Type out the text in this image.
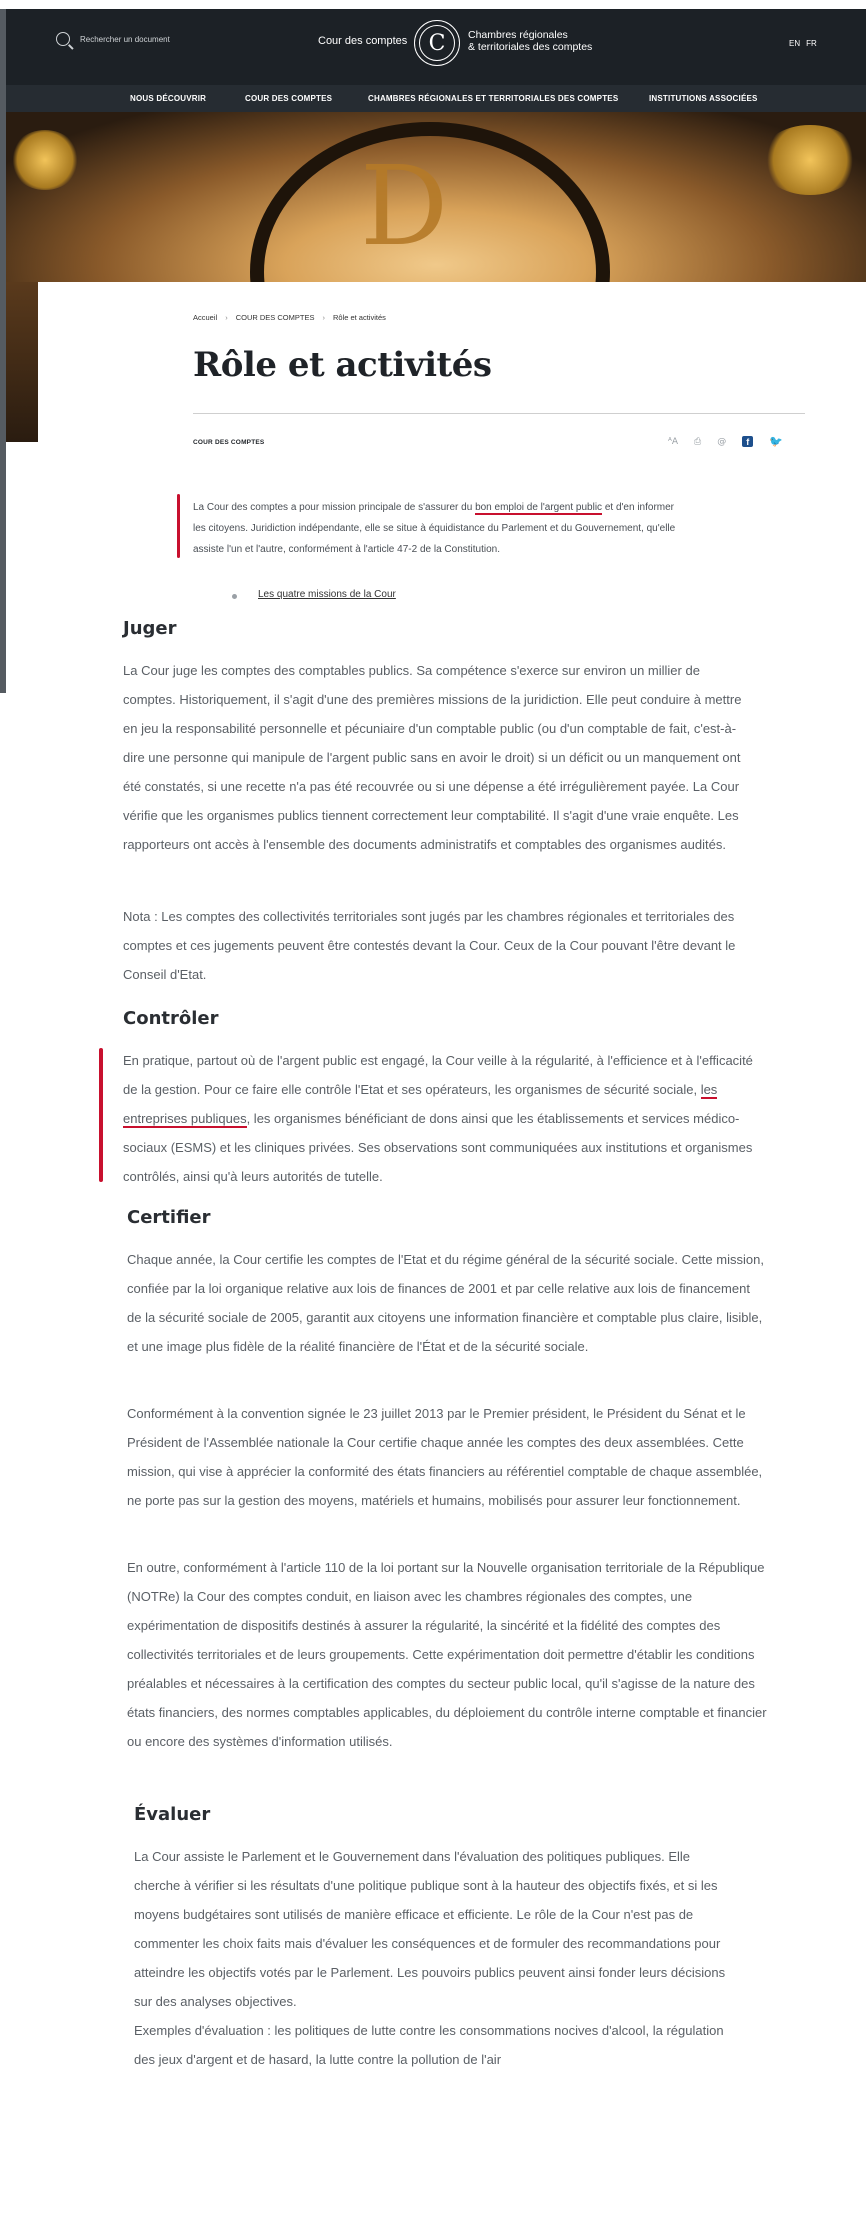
Rechercher un document	Cour des comptes C	Chambres régionales
& territoriales des comptes	EN FR
NOUS DÉCOUVRIR	COUR DES COMPTES	CHAMBRES RÉGIONALES ET TERRITORIALES DES COMPTES	INSTITUTIONS ASSOCIÉES
D
Accueil › COUR DES COMPTES › Rôle et activités
Rôle et activités
COUR DES COMPTES	ᴬA ⎙ @	f	🐦

La Cour des comptes a pour mission principale de s'assurer du bon emploi de l'argent public et d'en informer les citoyens. Juridiction indépendante, elle se situe à équidistance du Parlement et du Gouvernement, qu'elle assiste l'un et l'autre, conformément à l'article 47-2 de la Constitution.

Les quatre missions de la Cour
Juger

La Cour juge les comptes des comptables publics. Sa compétence s'exerce sur environ un millier de comptes. Historiquement, il s'agit d'une des premières missions de la juridiction. Elle peut conduire à mettre en jeu la responsabilité personnelle et pécuniaire d'un comptable public (ou d'un comptable de fait, c'est-à-dire une personne qui manipule de l'argent public sans en avoir le droit) si un déficit ou un manquement ont été constatés, si une recette n'a pas été recouvrée ou si une dépense a été irrégulièrement payée. La Cour vérifie que les organismes publics tiennent correctement leur comptabilité. Il s'agit d'une vraie enquête. Les rapporteurs ont accès à l'ensemble des documents administratifs et comptables des organismes audités.

Nota : Les comptes des collectivités territoriales sont jugés par les chambres régionales et territoriales des comptes et ces jugements peuvent être contestés devant la Cour. Ceux de la Cour pouvant l'être devant le Conseil d'Etat.

Contrôler

En pratique, partout où de l'argent public est engagé, la Cour veille à la régularité, à l'efficience et à l'efficacité de la gestion. Pour ce faire elle contrôle l'Etat et ses opérateurs, les organismes de sécurité sociale, les entreprises publiques, les organismes bénéficiant de dons ainsi que les établissements et services médico-sociaux (ESMS) et les cliniques privées. Ses observations sont communiquées aux institutions et organismes contrôlés, ainsi qu'à leurs autorités de tutelle.

Certifier

Chaque année, la Cour certifie les comptes de l'Etat et du régime général de la sécurité sociale. Cette mission, confiée par la loi organique relative aux lois de finances de 2001 et par celle relative aux lois de financement de la sécurité sociale de 2005, garantit aux citoyens une information financière et comptable plus claire, lisible, et une image plus fidèle de la réalité financière de l'État et de la sécurité sociale.

Conformément à la convention signée le 23 juillet 2013 par le Premier président, le Président du Sénat et le Président de l'Assemblée nationale la Cour certifie chaque année les comptes des deux assemblées. Cette mission, qui vise à apprécier la conformité des états financiers au référentiel comptable de chaque assemblée, ne porte pas sur la gestion des moyens, matériels et humains, mobilisés pour assurer leur fonctionnement.

En outre, conformément à l'article 110 de la loi portant sur la Nouvelle organisation territoriale de la République (NOTRe) la Cour des comptes conduit, en liaison avec les chambres régionales des comptes, une expérimentation de dispositifs destinés à assurer la régularité, la sincérité et la fidélité des comptes des collectivités territoriales et de leurs groupements. Cette expérimentation doit permettre d'établir les conditions préalables et nécessaires à la certification des comptes du secteur public local, qu'il s'agisse de la nature des états financiers, des normes comptables applicables, du déploiement du contrôle interne comptable et financier ou encore des systèmes d'information utilisés.

Évaluer

La Cour assiste le Parlement et le Gouvernement dans l'évaluation des politiques publiques. Elle cherche à vérifier si les résultats d'une politique publique sont à la hauteur des objectifs fixés, et si les moyens budgétaires sont utilisés de manière efficace et efficiente. Le rôle de la Cour n'est pas de commenter les choix faits mais d'évaluer les conséquences et de formuler des recommandations pour atteindre les objectifs votés par le Parlement. Les pouvoirs publics peuvent ainsi fonder leurs décisions sur des analyses objectives.

Exemples d'évaluation : les politiques de lutte contre les consommations nocives d'alcool, la régulation des jeux d'argent et de hasard, la lutte contre la pollution de l'air
